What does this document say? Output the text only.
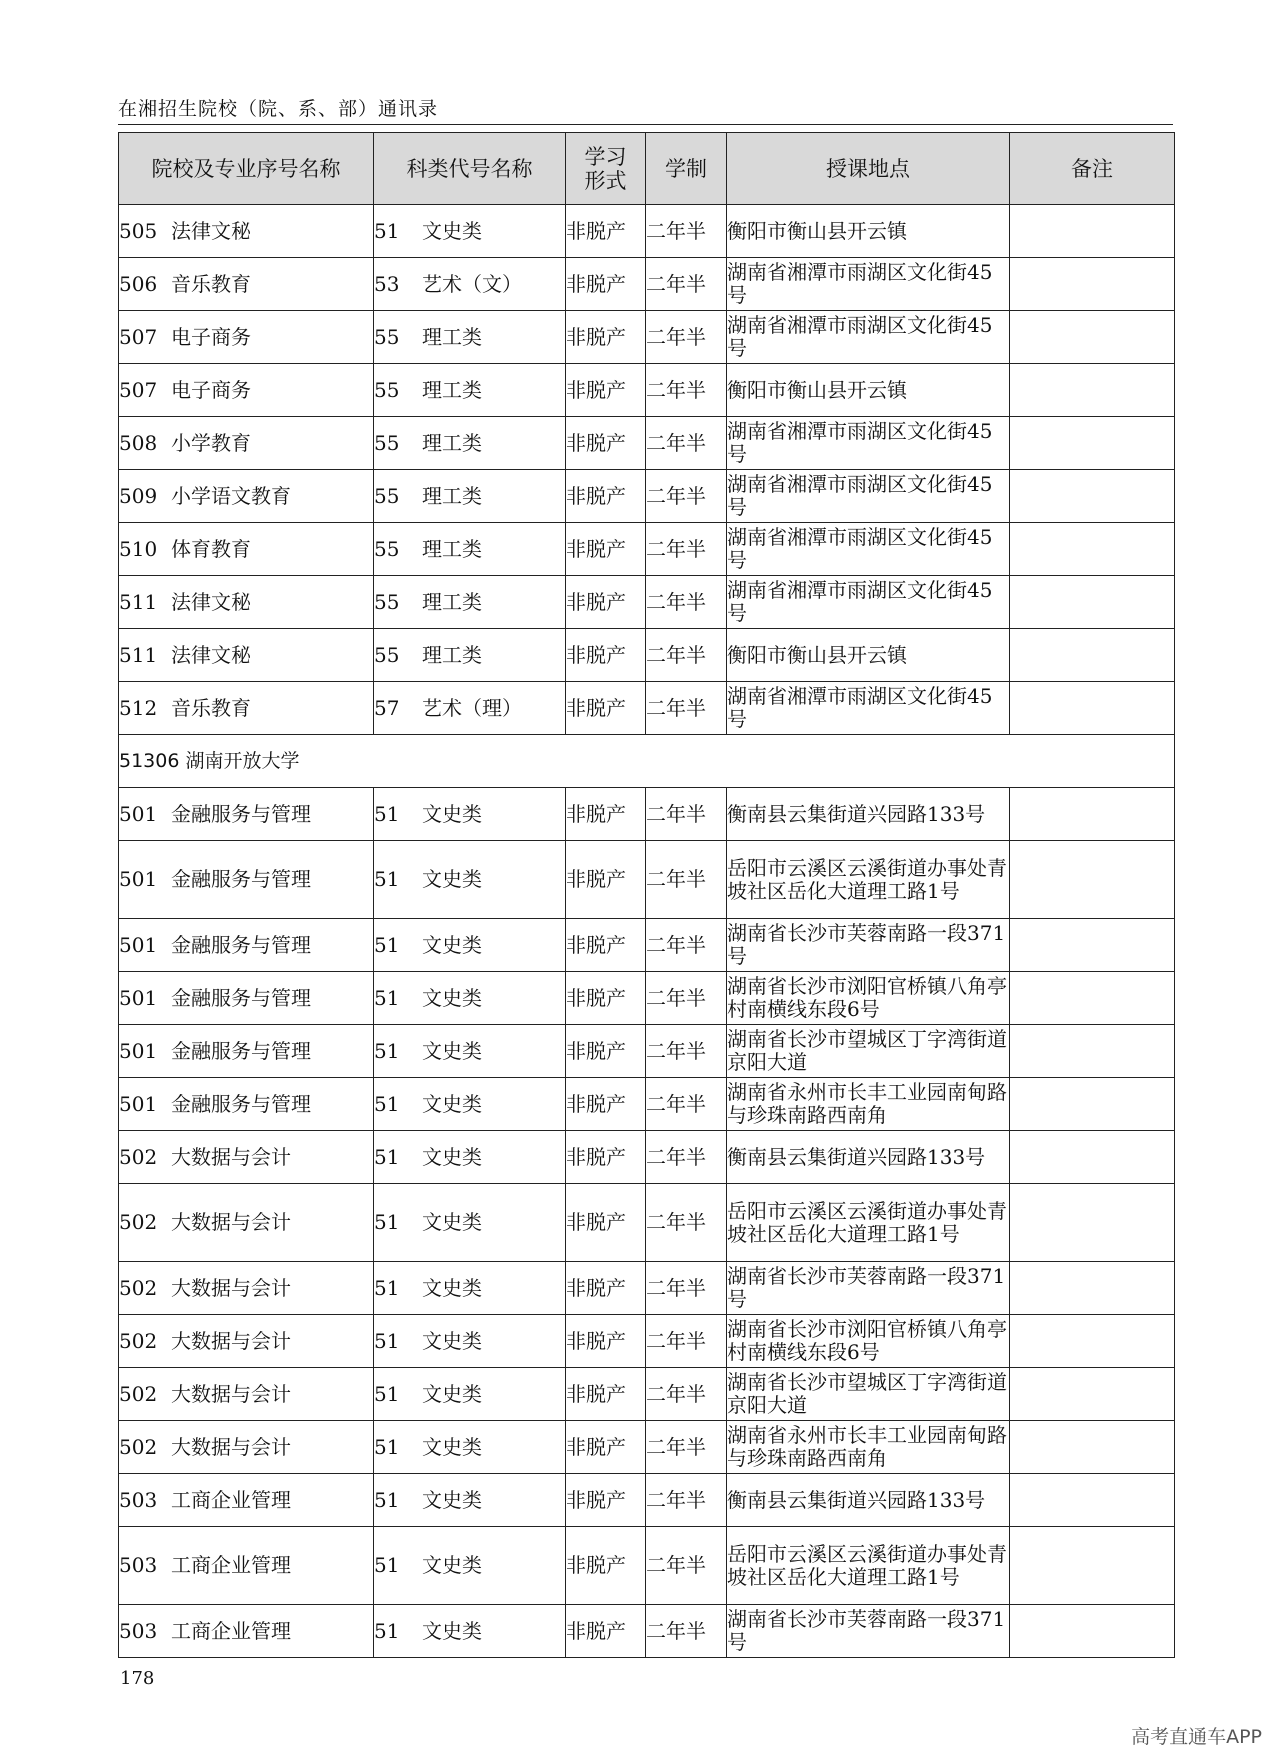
在湘招生院校（院、系、部）通讯录
院校及专业序号名称	科类代号名称	学习形式	学制	授课地点	备注
505 法律文秘	51 文史类	非脱产	二年半	衡阳市衡山县开云镇	
506 音乐教育	53 艺术（文）	非脱产	二年半	湖南省湘潭市雨湖区文化街45号	
507 电子商务	55 理工类	非脱产	二年半	湖南省湘潭市雨湖区文化街45号	
507 电子商务	55 理工类	非脱产	二年半	衡阳市衡山县开云镇	
508 小学教育	55 理工类	非脱产	二年半	湖南省湘潭市雨湖区文化街45号	
509 小学语文教育	55 理工类	非脱产	二年半	湖南省湘潭市雨湖区文化街45号	
510 体育教育	55 理工类	非脱产	二年半	湖南省湘潭市雨湖区文化街45号	
511 法律文秘	55 理工类	非脱产	二年半	湖南省湘潭市雨湖区文化街45号	
511 法律文秘	55 理工类	非脱产	二年半	衡阳市衡山县开云镇	
512 音乐教育	57 艺术（理）	非脱产	二年半	湖南省湘潭市雨湖区文化街45号	
51306 湖南开放大学					
501 金融服务与管理	51 文史类	非脱产	二年半	衡南县云集街道兴园路133号	
501 金融服务与管理	51 文史类	非脱产	二年半	岳阳市云溪区云溪街道办事处青坡社区岳化大道理工路1号	
501 金融服务与管理	51 文史类	非脱产	二年半	湖南省长沙市芙蓉南路一段371号	
501 金融服务与管理	51 文史类	非脱产	二年半	湖南省长沙市浏阳官桥镇八角亭村南横线东段6号	
501 金融服务与管理	51 文史类	非脱产	二年半	湖南省长沙市望城区丁字湾街道京阳大道	
501 金融服务与管理	51 文史类	非脱产	二年半	湖南省永州市长丰工业园南甸路与珍珠南路西南角	
502 大数据与会计	51 文史类	非脱产	二年半	衡南县云集街道兴园路133号	
502 大数据与会计	51 文史类	非脱产	二年半	岳阳市云溪区云溪街道办事处青坡社区岳化大道理工路1号	
502 大数据与会计	51 文史类	非脱产	二年半	湖南省长沙市芙蓉南路一段371号	
502 大数据与会计	51 文史类	非脱产	二年半	湖南省长沙市浏阳官桥镇八角亭村南横线东段6号	
502 大数据与会计	51 文史类	非脱产	二年半	湖南省长沙市望城区丁字湾街道京阳大道	
502 大数据与会计	51 文史类	非脱产	二年半	湖南省永州市长丰工业园南甸路与珍珠南路西南角	
503 工商企业管理	51 文史类	非脱产	二年半	衡南县云集街道兴园路133号	
503 工商企业管理	51 文史类	非脱产	二年半	岳阳市云溪区云溪街道办事处青坡社区岳化大道理工路1号	
503 工商企业管理	51 文史类	非脱产	二年半	湖南省长沙市芙蓉南路一段371号	
178
高考直通车APP
